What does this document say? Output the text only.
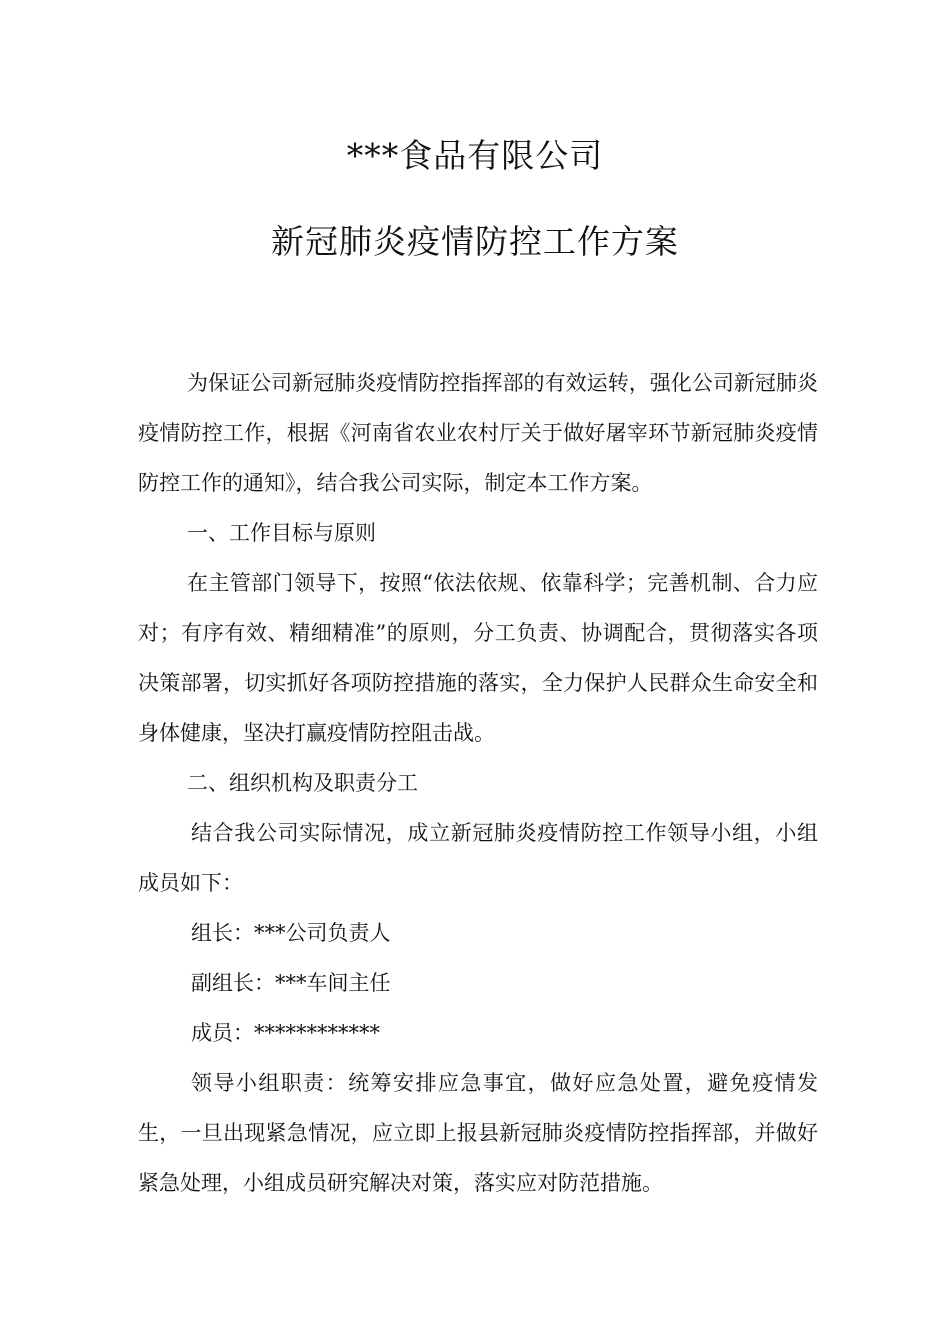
***食品有限公司
新冠肺炎疫情防控工作方案

为保证公司新冠肺炎疫情防控指挥部的有效运转，强化公司新冠肺炎疫情防控工作，根据《河南省农业农村厅关于做好屠宰环节新冠肺炎疫情防控工作的通知》，结合我公司实际，制定本工作方案。

一、工作目标与原则

在主管部门领导下，按照“依法依规、依靠科学；完善机制、合力应对；有序有效、精细精准”的原则，分工负责、协调配合，贯彻落实各项决策部署，切实抓好各项防控措施的落实，全力保护人民群众生命安全和身体健康，坚决打赢疫情防控阻击战。

二、组织机构及职责分工

结合我公司实际情况，成立新冠肺炎疫情防控工作领导小组，小组成员如下：

组长：***公司负责人

副组长：***车间主任

成员：************

领导小组职责：统筹安排应急事宜，做好应急处置，避免疫情发生，一旦出现紧急情况，应立即上报县新冠肺炎疫情防控指挥部，并做好紧急处理，小组成员研究解决对策，落实应对防范措施。
